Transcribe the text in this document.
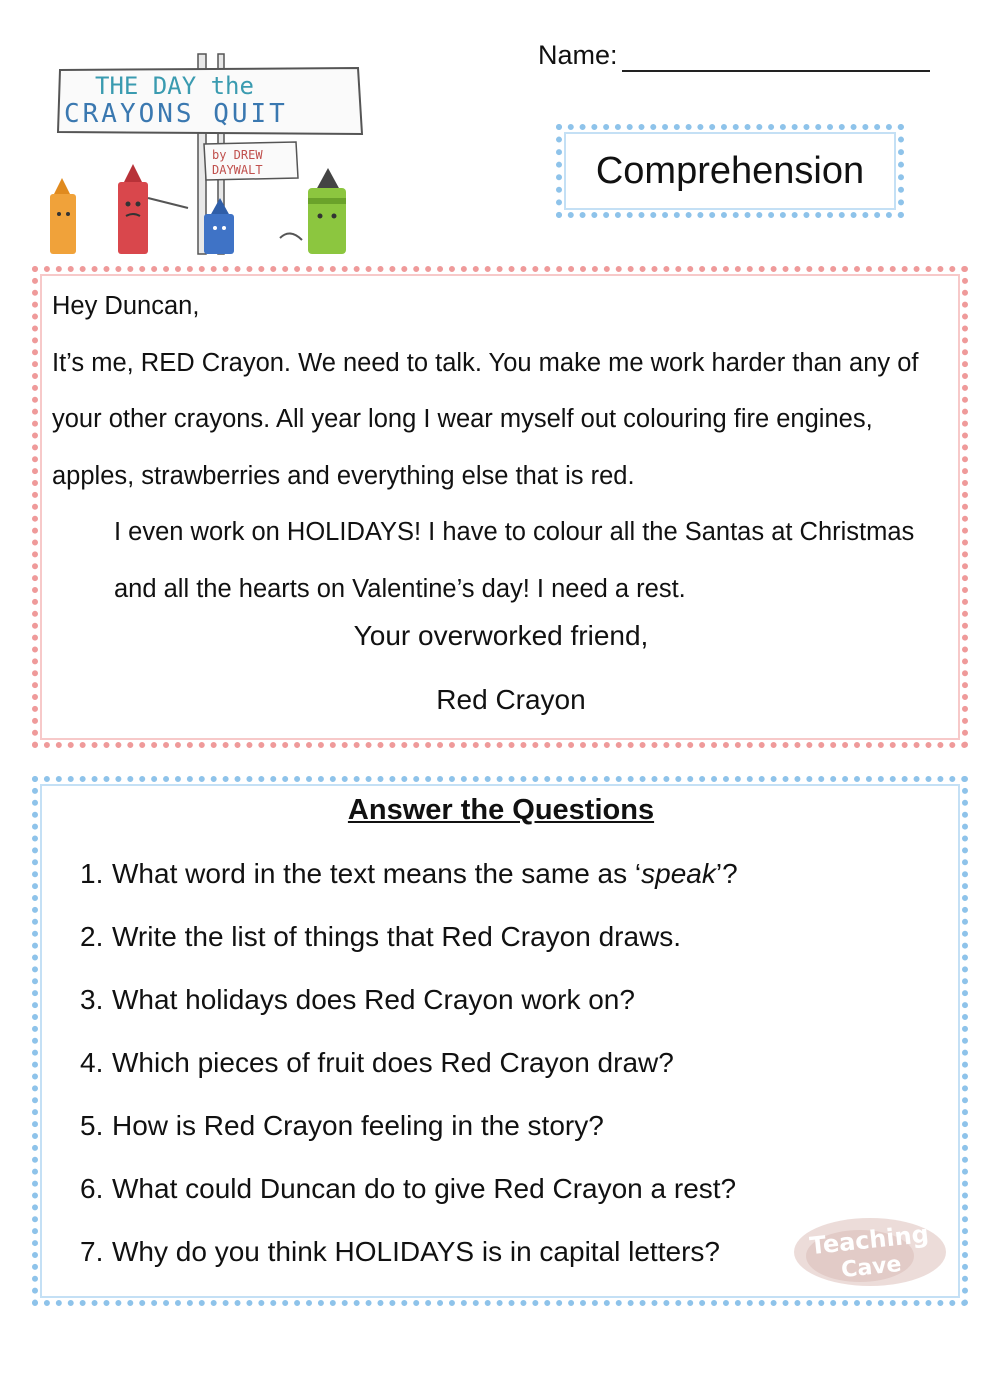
THE DAY the
CRAYONS QUIT
by DREW
DAYWALT
Name:
Comprehension

Hey Duncan,

It’s me, RED Crayon. We need to talk. You make me work harder than any of your other crayons. All year long I wear myself out colouring fire engines, apples, strawberries and everything else that is red.

I even work on HOLIDAYS! I have to colour all the Santas at Christmas and all the hearts on Valentine’s day! I need a rest.

Your overworked friend,
Red Crayon
Answer the Questions
1. What word in the text means the same as ‘speak’?
2. Write the list of things that Red Crayon draws.
3. What holidays does Red Crayon work on?
4. Which pieces of fruit does Red Crayon draw?
5. How is Red Crayon feeling in the story?
6. What could Duncan do to give Red Crayon a rest?
7. Why do you think HOLIDAYS is in capital letters?	Teaching
Cave
